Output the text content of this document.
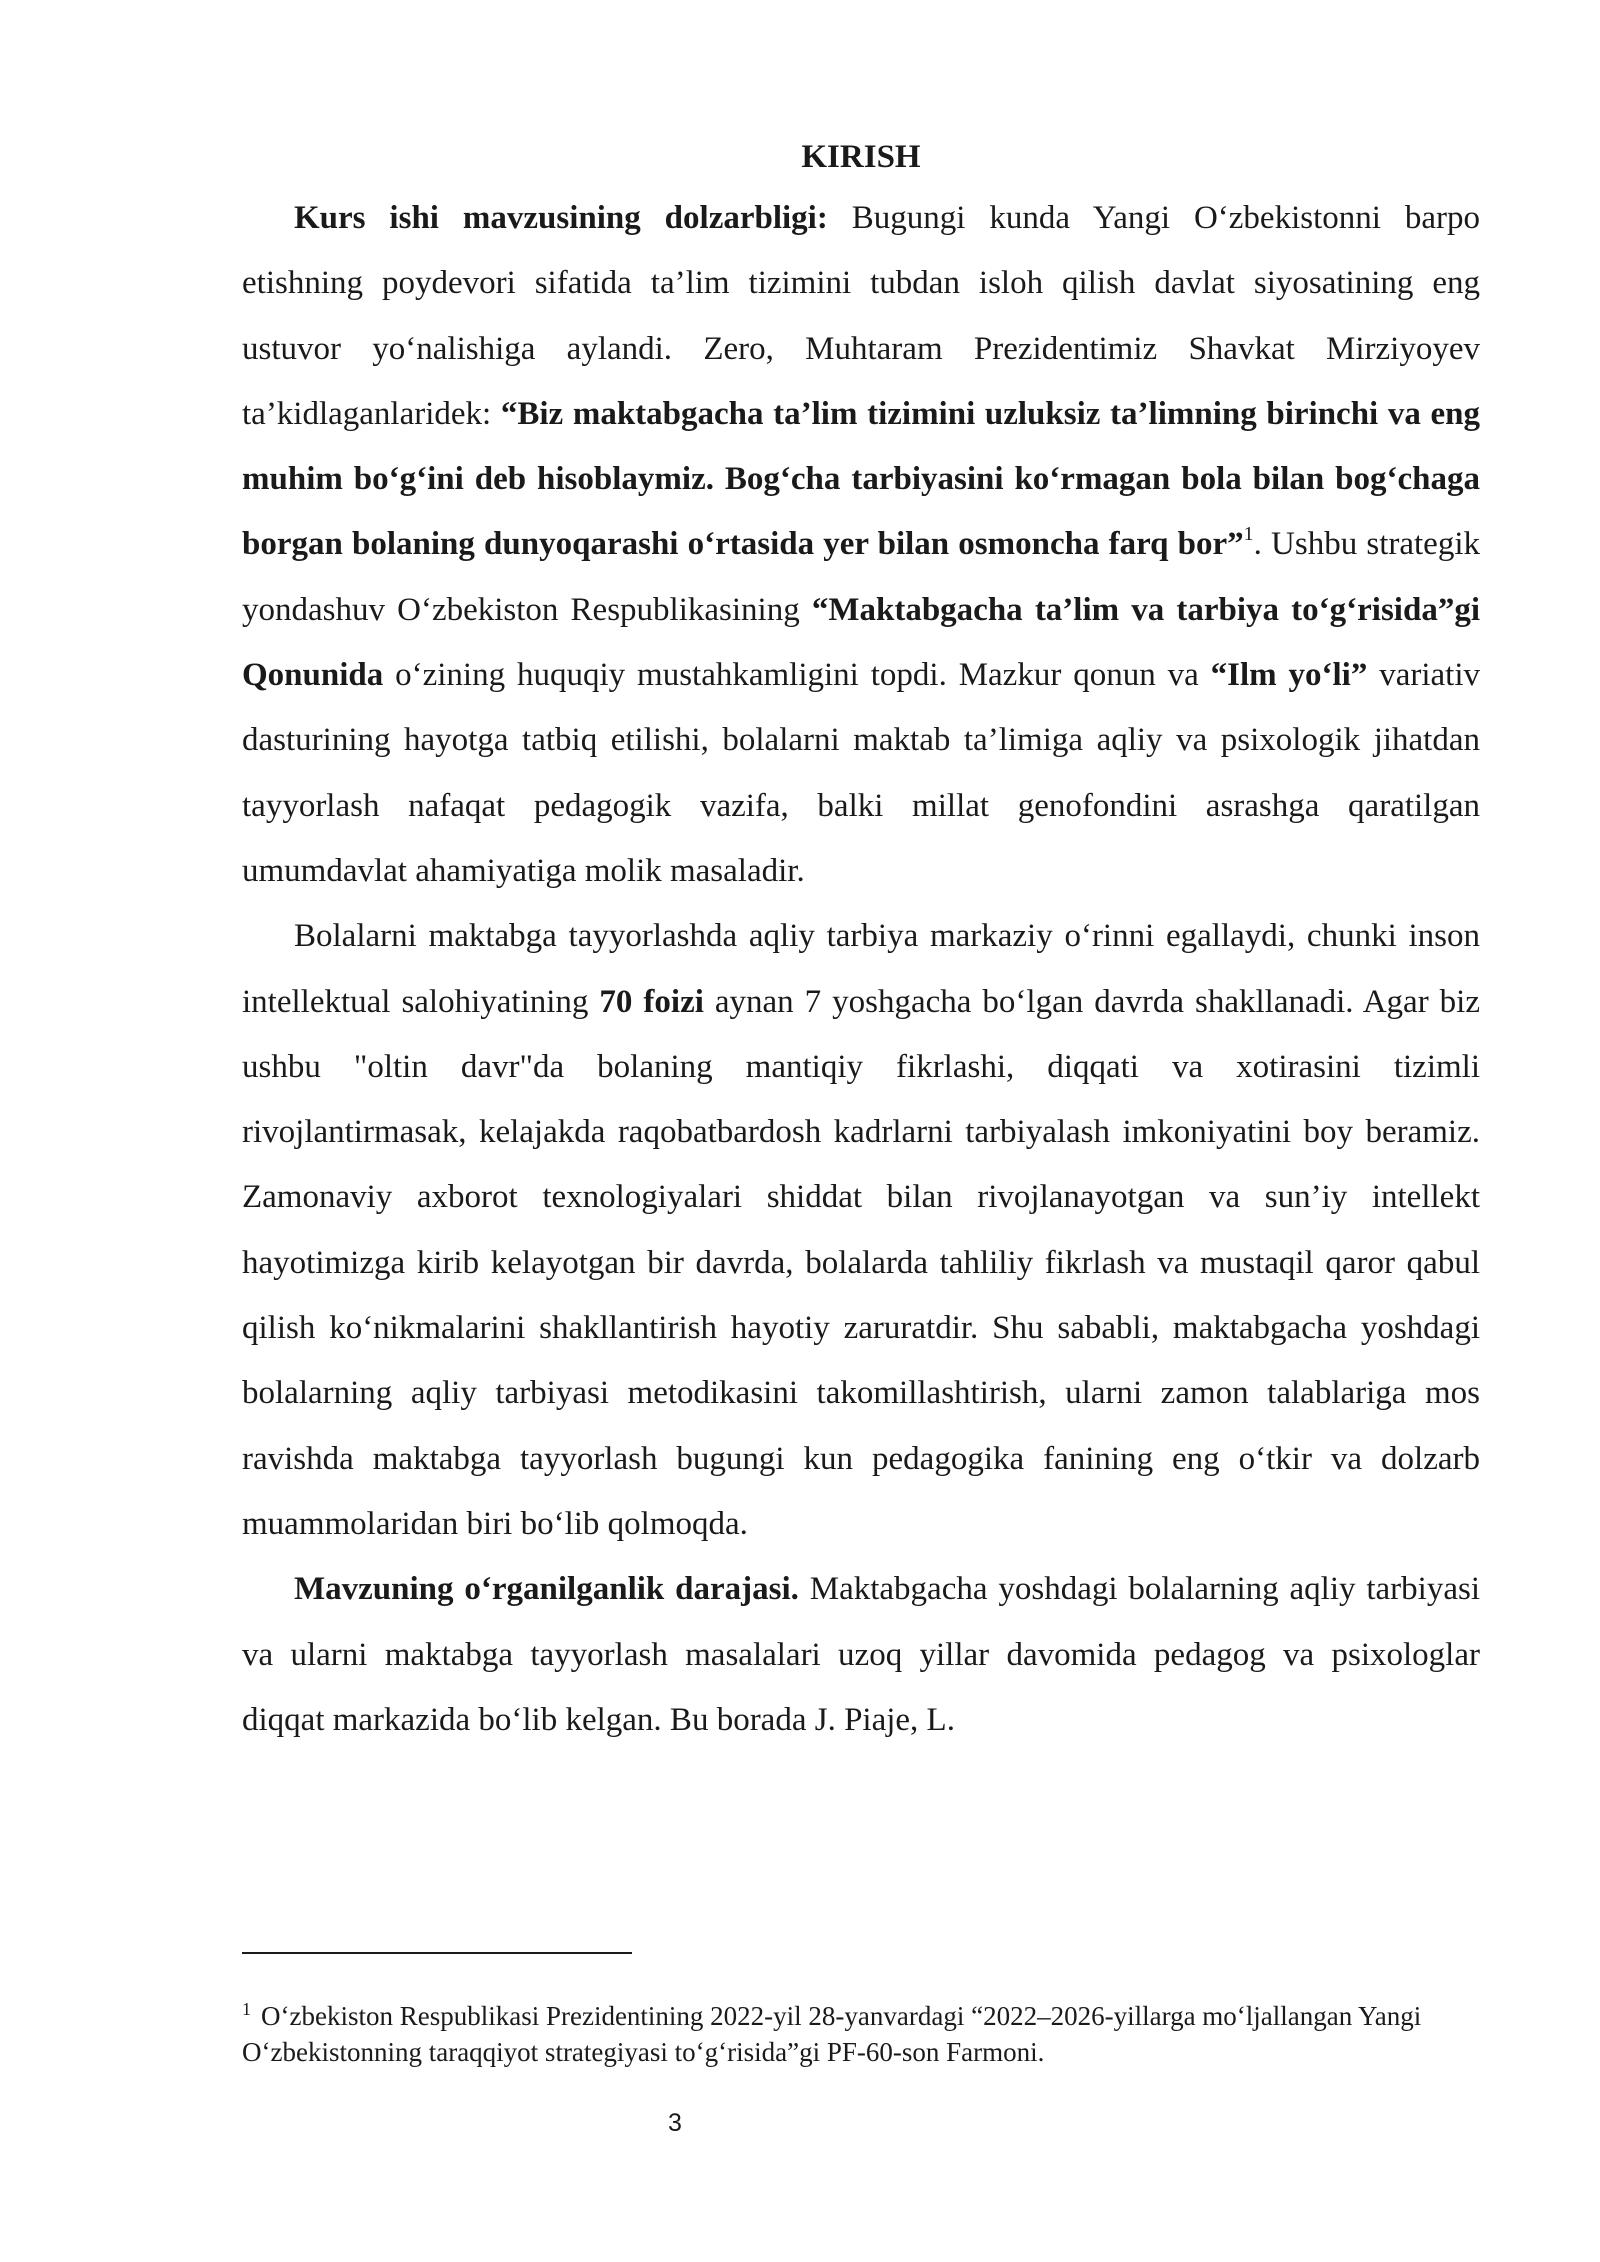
KIRISH

Kurs ishi mavzusining dolzarbligi: Bugungi kunda Yangi O‘zbekistonni barpo etishning poydevori sifatida ta’lim tizimini tubdan isloh qilish davlat siyosatining eng ustuvor yo‘nalishiga aylandi. Zero, Muhtaram Prezidentimiz Shavkat Mirziyoyev ta’kidlaganlaridek: “Biz maktabgacha ta’lim tizimini uzluksiz ta’limning birinchi va eng muhim bo‘g‘ini deb hisoblaymiz. Bog‘cha tarbiyasini ko‘rmagan bola bilan bog‘chaga borgan bolaning dunyoqarashi o‘rtasida yer bilan osmoncha farq bor”$^1$. Ushbu strategik yondashuv O‘zbekiston Respublikasining “Maktabgacha ta’lim va tarbiya to‘g‘risida”gi Qonunida o‘zining huquqiy mustahkamligini topdi. Mazkur qonun va “Ilm yo‘li” variativ dasturining hayotga tatbiq etilishi, bolalarni maktab ta’limiga aqliy va psixologik jihatdan tayyorlash nafaqat pedagogik vazifa, balki millat genofondini asrashga qaratilgan umumdavlat ahamiyatiga molik masaladir.

Bolalarni maktabga tayyorlashda aqliy tarbiya markaziy o‘rinni egallaydi, chunki inson intellektual salohiyatining 70 foizi aynan 7 yoshgacha bo‘lgan davrda shakllanadi. Agar biz ushbu "oltin davr"da bolaning mantiqiy fikrlashi, diqqati va xotirasini tizimli rivojlantirmasak, kelajakda raqobatbardosh kadrlarni tarbiyalash imkoniyatini boy beramiz. Zamonaviy axborot texnologiyalari shiddat bilan rivojlanayotgan va sun’iy intellekt hayotimizga kirib kelayotgan bir davrda, bolalarda tahliliy fikrlash va mustaqil qaror qabul qilish ko‘nikmalarini shakllantirish hayotiy zaruratdir. Shu sababli, maktabgacha yoshdagi bolalarning aqliy tarbiyasi metodikasini takomillashtirish, ularni zamon talablariga mos ravishda maktabga tayyorlash bugungi kun pedagogika fanining eng o‘tkir va dolzarb muammolaridan biri bo‘lib qolmoqda.

Mavzuning o‘rganilganlik darajasi. Maktabgacha yoshdagi bolalarning aqliy tarbiyasi va ularni maktabga tayyorlash masalalari uzoq yillar davomida pedagog va psixologlar diqqat markazida bo‘lib kelgan. Bu borada J. Piaje, L.

$^1$ O‘zbekiston Respublikasi Prezidentining 2022-yil 28-yanvardagi “2022–2026-yillarga mo‘ljallangan Yangi O‘zbekistonning taraqqiyot strategiyasi to‘g‘risida”gi PF-60-son Farmoni.

3
